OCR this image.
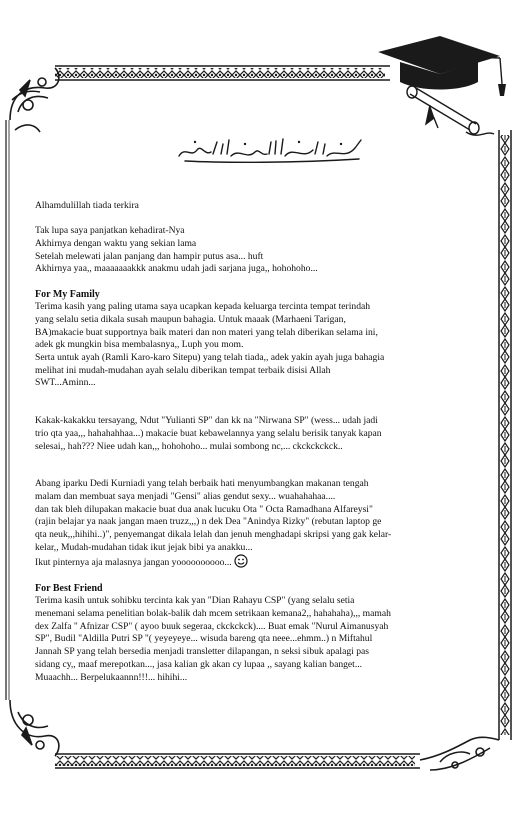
Alhamdulillah tiada terkira
Tak lupa saya panjatkan kehadirat-Nya
Akhirnya dengan waktu yang sekian lama
Setelah melewati jalan panjang dan hampir putus asa... huft
Akhirnya yaa,, maaaaaaakkk anakmu udah jadi sarjana juga,, hohohoho...
For My Family
Terima kasih yang paling utama saya ucapkan kepada keluarga tercinta tempat terindah
yang selalu setia dikala susah maupun bahagia. Untuk maaak (Marhaeni Tarigan,
BA)makacie buat supportnya baik materi dan non materi yang telah diberikan selama ini,
adek gk mungkin bisa membalasnya,, Luph you mom.
Serta untuk ayah (Ramli Karo-karo Sitepu) yang telah tiada,, adek yakin ayah juga bahagia
melihat ini mudah-mudahan ayah selalu diberikan tempat terbaik disisi Allah
SWT...Aminn...
Kakak-kakakku tersayang, Ndut "Yulianti SP" dan kk na "Nirwana SP" (wess... udah jadi
trio qta yaa,,, hahahahhaa...) makacie buat kebawelannya yang selalu berisik tanyak kapan
selesai,, hah??? Niee udah kan,,, hohohoho... mulai sombong nc,... ckckckckck..
Abang iparku Dedi Kurniadi yang telah berbaik hati menyumbangkan makanan tengah
malam dan membuat saya menjadi "Gensi" alias gendut sexy... wuahahahaa....
dan tak bleh dilupakan makacie buat dua anak lucuku Ota " Octa Ramadhana Alfareysi"
(rajin belajar ya naak jangan maen truzz,,,) n dek Dea "Anindya Rizky" (rebutan laptop ge
qta neuk,,,hihihi..)", penyemangat dikala lelah dan jenuh menghadapi skripsi yang gak kelar-
kelar,, Mudah-mudahan tidak ikut jejak bibi ya anakku...
Ikut pinternya aja malasnya jangan yoooooooooo...
For Best Friend
Terima kasih untuk sohibku tercinta kak yan "Dian Rahayu CSP" (yang selalu setia
menemani selama penelitian bolak-balik dah mcem setrikaan kemana2,, hahahaha),,, mamah
dex Zalfa " Afnizar CSP" ( ayoo buuk segeraa, ckckckck).... Buat emak "Nurul Aimanusyah
SP", Budil "Aldilla Putri SP "( yeyeyeye... wisuda bareng qta neee...ehmm..) n Miftahul
Jannah SP yang telah bersedia menjadi transletter dilapangan, n seksi sibuk apalagi pas
sidang cy,, maaf merepotkan..., jasa kalian gk akan cy lupaa ,, sayang kalian banget...
Muaachh... Berpelukaannn!!!... hihihi...
